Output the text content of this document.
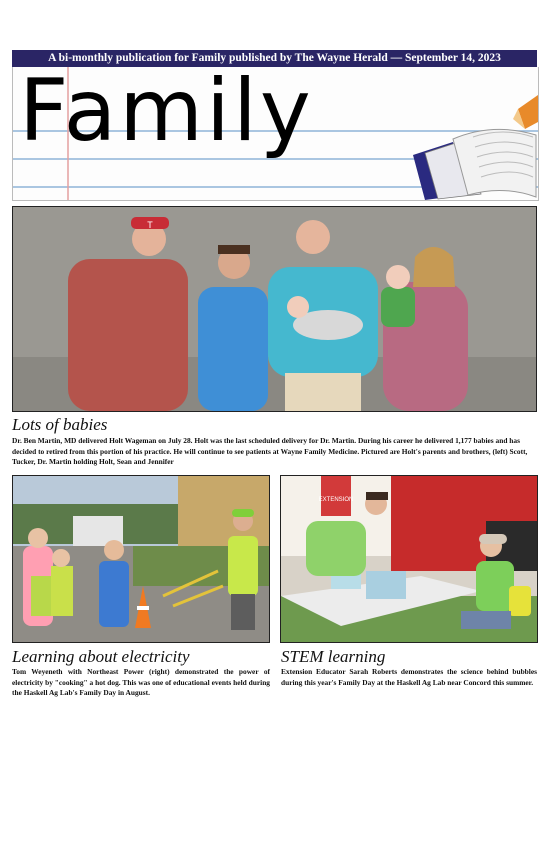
A bi-monthly publication for Family published by The Wayne Herald — September 14, 2023
Family
T
Lots of babies
Dr. Ben Martin, MD delivered Holt Wageman on July 28. Holt was the last scheduled delivery for Dr. Martin. During his career he delivered 1,177 babies and has decided to retired from this portion of his practice. He will continue to see patients at Wayne Family Medicine. Pictured are Holt's parents and brothers, (left) Scott, Tucker, Dr. Martin holding Holt, Sean and Jennifer
EXTENSION
Learning about electricity
Tom Weyeneth with Northeast Power (right) demonstrated the power of electricity by "cooking" a hot dog. This was one of educational events held during the Haskell Ag Lab's Family Day in August.
STEM learning
Extension Educator Sarah Roberts demonstrates the science behind bubbles during this year's Family Day at the Haskell Ag Lab near Concord this summer.
